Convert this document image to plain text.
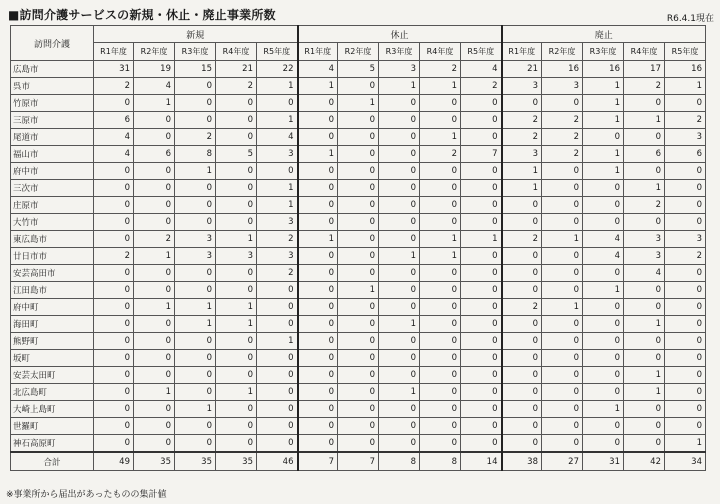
■訪問介護サービスの新規・休止・廃止事業所数	R6.4.1現在
訪問介護	新規					休止					廃止				
	R1年度	R2年度	R3年度	R4年度	R5年度	R1年度	R2年度	R3年度	R4年度	R5年度	R1年度	R2年度	R3年度	R4年度	R5年度
広島市	31	19	15	21	22	4	5	3	2	4	21	16	16	17	16
呉市	2	4	0	2	1	1	0	1	1	2	3	3	1	2	1
竹原市	0	1	0	0	0	0	1	0	0	0	0	0	1	0	0
三原市	6	0	0	0	1	0	0	0	0	0	2	2	1	1	2
尾道市	4	0	2	0	4	0	0	0	1	0	2	2	0	0	3
福山市	4	6	8	5	3	1	0	0	2	7	3	2	1	6	6
府中市	0	0	1	0	0	0	0	0	0	0	1	0	1	0	0
三次市	0	0	0	0	1	0	0	0	0	0	1	0	0	1	0
庄原市	0	0	0	0	1	0	0	0	0	0	0	0	0	2	0
大竹市	0	0	0	0	3	0	0	0	0	0	0	0	0	0	0
東広島市	0	2	3	1	2	1	0	0	1	1	2	1	4	3	3
廿日市市	2	1	3	3	3	0	0	1	1	0	0	0	4	3	2
安芸高田市	0	0	0	0	2	0	0	0	0	0	0	0	0	4	0
江田島市	0	0	0	0	0	0	1	0	0	0	0	0	1	0	0
府中町	0	1	1	1	0	0	0	0	0	0	2	1	0	0	0
海田町	0	0	1	1	0	0	0	1	0	0	0	0	0	1	0
熊野町	0	0	0	0	1	0	0	0	0	0	0	0	0	0	0
坂町	0	0	0	0	0	0	0	0	0	0	0	0	0	0	0
安芸太田町	0	0	0	0	0	0	0	0	0	0	0	0	0	1	0
北広島町	0	1	0	1	0	0	0	1	0	0	0	0	0	1	0
大崎上島町	0	0	1	0	0	0	0	0	0	0	0	0	1	0	0
世羅町	0	0	0	0	0	0	0	0	0	0	0	0	0	0	0
神石高原町	0	0	0	0	0	0	0	0	0	0	0	0	0	0	1
合計	49	35	35	35	46	7	7	8	8	14	38	27	31	42	34
※事業所から届出があったものの集計値
